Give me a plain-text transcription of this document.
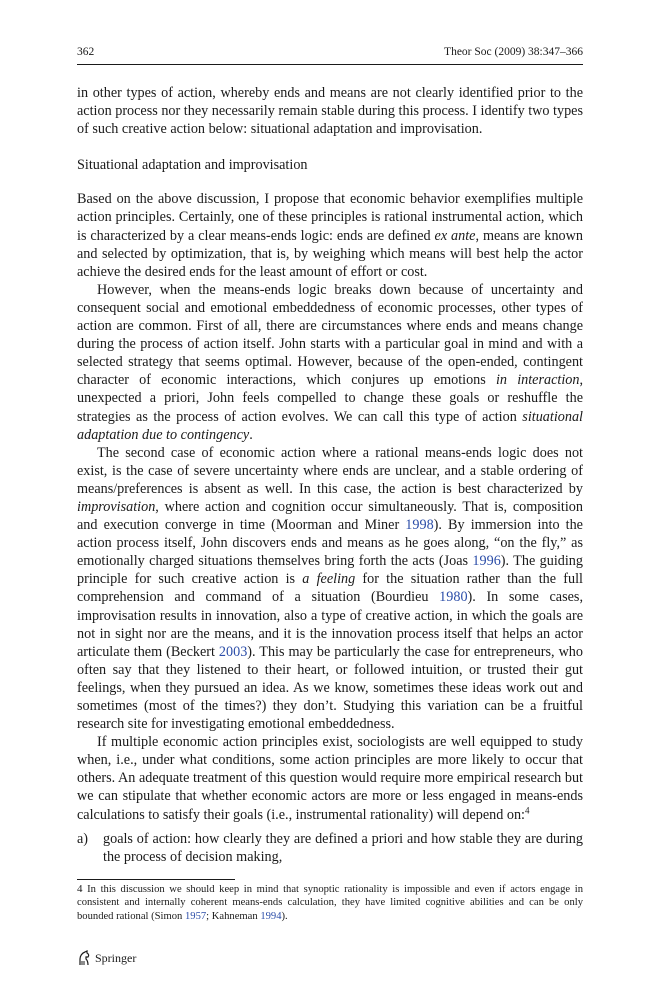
362	Theor Soc (2009) 38:347–366

in other types of action, whereby ends and means are not clearly identified prior to the action process nor they necessarily remain stable during this process. I identify two types of such creative action below: situational adaptation and improvisation.

Situational adaptation and improvisation

Based on the above discussion, I propose that economic behavior exemplifies multiple action principles. Certainly, one of these principles is rational instrumental action, which is characterized by a clear means-ends logic: ends are defined ex ante, means are known and selected by optimization, that is, by weighing which means will best help the actor achieve the desired ends for the least amount of effort or cost.

However, when the means-ends logic breaks down because of uncertainty and consequent social and emotional embeddedness of economic processes, other types of action are common. First of all, there are circumstances where ends and means change during the process of action itself. John starts with a particular goal in mind and with a selected strategy that seems optimal. However, because of the open-ended, contingent character of economic interactions, which conjures up emotions in interaction, unexpected a priori, John feels compelled to change these goals or reshuffle the strategies as the process of action evolves. We can call this type of action situational adaptation due to contingency.

The second case of economic action where a rational means-ends logic does not exist, is the case of severe uncertainty where ends are unclear, and a stable ordering of means/preferences is absent as well. In this case, the action is best characterized by improvisation, where action and cognition occur simultaneously. That is, composition and execution converge in time (Moorman and Miner 1998). By immersion into the action process itself, John discovers ends and means as he goes along, “on the fly,” as emotionally charged situations themselves bring forth the acts (Joas 1996). The guiding principle for such creative action is a feeling for the situation rather than the full comprehension and command of a situation (Bourdieu 1980). In some cases, improvisation results in innovation, also a type of creative action, in which the goals are not in sight nor are the means, and it is the innovation process itself that helps an actor articulate them (Beckert 2003). This may be particularly the case for entrepreneurs, who often say that they listened to their heart, or followed intuition, or trusted their gut feelings, when they pursued an idea. As we know, sometimes these ideas work out and sometimes (most of the times?) they don’t. Studying this variation can be a fruitful research site for investigating emotional embeddedness.

If multiple economic action principles exist, sociologists are well equipped to study when, i.e., under what conditions, some action principles are more likely to occur that others. An adequate treatment of this question would require more empirical research but we can stipulate that whether economic actors are more or less engaged in means-ends calculations to satisfy their goals (i.e., instrumental rationality) will depend on:$^4$

a) goals of action: how clearly they are defined a priori and how stable they are during the process of decision making,

4 In this discussion we should keep in mind that synoptic rationality is impossible and even if actors engage in consistent and internally coherent means-ends calculation, they have limited cognitive abilities and can be only bounded rational (Simon 1957; Kahneman 1994).
Springer
